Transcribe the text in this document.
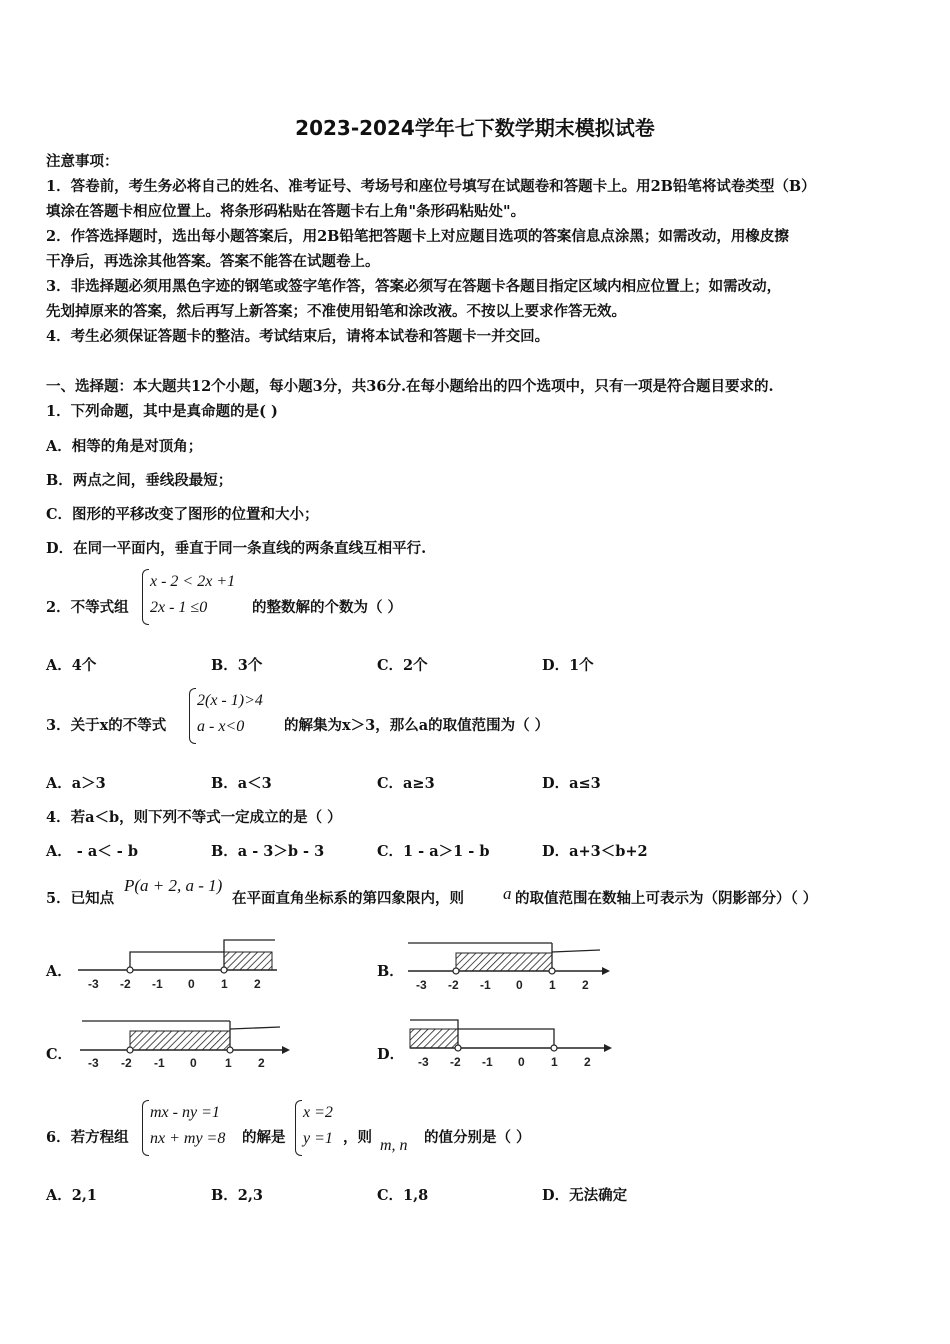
2023-2024学年七下数学期末模拟试卷
注意事项：
1．答卷前，考生务必将自己的姓名、准考证号、考场号和座位号填写在试题卷和答题卡上。用2B铅笔将试卷类型（B）
填涂在答题卡相应位置上。将条形码粘贴在答题卡右上角"条形码粘贴处"。
2．作答选择题时，选出每小题答案后，用2B铅笔把答题卡上对应题目选项的答案信息点涂黑；如需改动，用橡皮擦
干净后，再选涂其他答案。答案不能答在试题卷上。
3．非选择题必须用黑色字迹的钢笔或签字笔作答，答案必须写在答题卡各题目指定区域内相应位置上；如需改动，
先划掉原来的答案，然后再写上新答案；不准使用铅笔和涂改液。不按以上要求作答无效。
4．考生必须保证答题卡的整洁。考试结束后，请将本试卷和答题卡一并交回。
一、选择题：本大题共12个小题，每小题3分，共36分.在每小题给出的四个选项中，只有一项是符合题目要求的.
1．下列命题，其中是真命题的是( )
A．相等的角是对顶角；
B．两点之间，垂线段最短；
C．图形的平移改变了图形的位置和大小；
D．在同一平面内，垂直于同一条直线的两条直线互相平行.
2．不等式组
x - 2 < 2x +1
2x - 1 ≤0	的整数解的个数为（ ）
A．4个	B．3个	C．2个	D．1个
3．关于x的不等式
2(x - 1)>4
a - x<0	的解集为x＞3，那么a的取值范围为（ ）
A．a＞3	B．a＜3	C．a≥3	D．a≤3
4．若a＜b，则下列不等式一定成立的是（ ）
A． - a＜ - b	B．a - 3＞b - 3	C．1 - a＞1 - b	D．a+3＜b+2
5．已知点
P(a + 2, a - 1)
在平面直角坐标系的第四象限内，则 a 的取值范围在数轴上可表示为（阴影部分）（ ）
A．	B．
C．	D．
-3 -2 -1 0 1 2	-3 -2 -1 0 1 2
-3 -2 -1 0 1 2	-3 -2 -1 0 1 2
6．若方程组
mx - ny =1
nx + my =8	的解是
x =2
y =1 ，则 m, n 的值分别是（ ）
A．2,1	B．2,3	C．1,8	D．无法确定
